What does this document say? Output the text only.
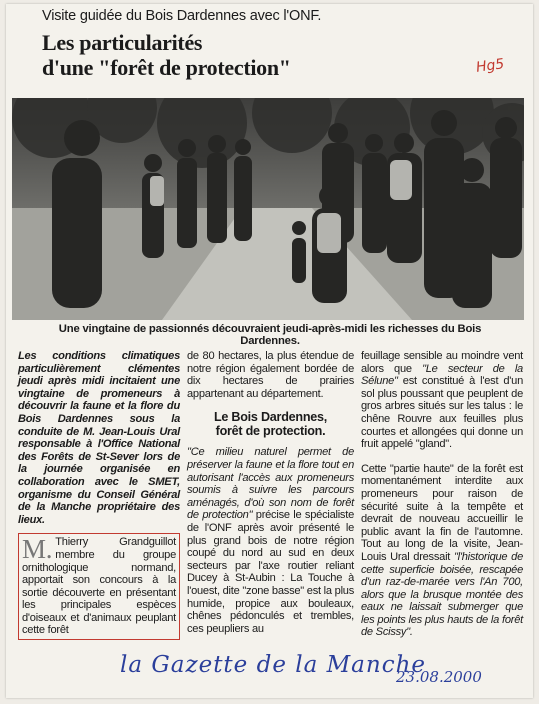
Visite guidée du Bois Dardennes avec l'ONF.
Les particularités
d'une "forêt de protection"	Hg5
Une vingtaine de passionnés découvraient jeudi-après-midi les richesses du Bois Dardennes.

Les conditions climatiques particulièrement clémentes jeudi après midi incitaient une vingtaine de promeneurs à découvrir la faune et la flore du Bois Dardennes sous la conduite de M. Jean-Louis Ural responsable à l'Office National des Forêts de St-Sever lors de la journée organisée en collaboration avec le SMET, organisme du Conseil Général de la Manche propriétaire des lieux.

M. Thierry Grandguillot membre du groupe ornithologique normand, apportait son concours à la sortie découverte en présentant les principales espèces d'oiseaux et d'animaux peuplant cette forêt

de 80 hectares, la plus étendue de notre région également bordée de dix hectares de prairies appartenant au département.

Le Bois Dardennes,
forêt de protection.

"Ce milieu naturel permet de préserver la faune et la flore tout en autorisant l'accès aux promeneurs soumis à suivre les parcours aménagés, d'où son nom de forêt de protection" précise le spécialiste de l'ONF après avoir présenté le plus grand bois de notre région coupé du nord au sud en deux secteurs par l'axe routier reliant Ducey à St-Aubin : La Touche à l'ouest, dite "zone basse" est la plus humide, propice aux bouleaux, chênes pédonculés et trembles, ces peupliers au

feuillage sensible au moindre vent alors que "Le secteur de la Sélune" est constitué à l'est d'un sol plus poussant que peuplent de gros arbres situés sur les talus : le chêne Rouvre aux feuilles plus courtes et allongées qui donne un fruit appelé "gland".

Cette "partie haute" de la forêt est momentanément interdite aux promeneurs pour raison de sécurité suite à la tempête et devrait de nouveau accueillir le public avant la fin de l'automne. Tout au long de la visite, Jean-Louis Ural dressait "l'historique de cette superficie boisée, rescapée d'un raz-de-marée vers l'An 700, alors que la brusque montée des eaux ne laissait submerger que les points les plus hauts de la forêt de Scissy".

la Gazette de la Manche
23.08.2000
